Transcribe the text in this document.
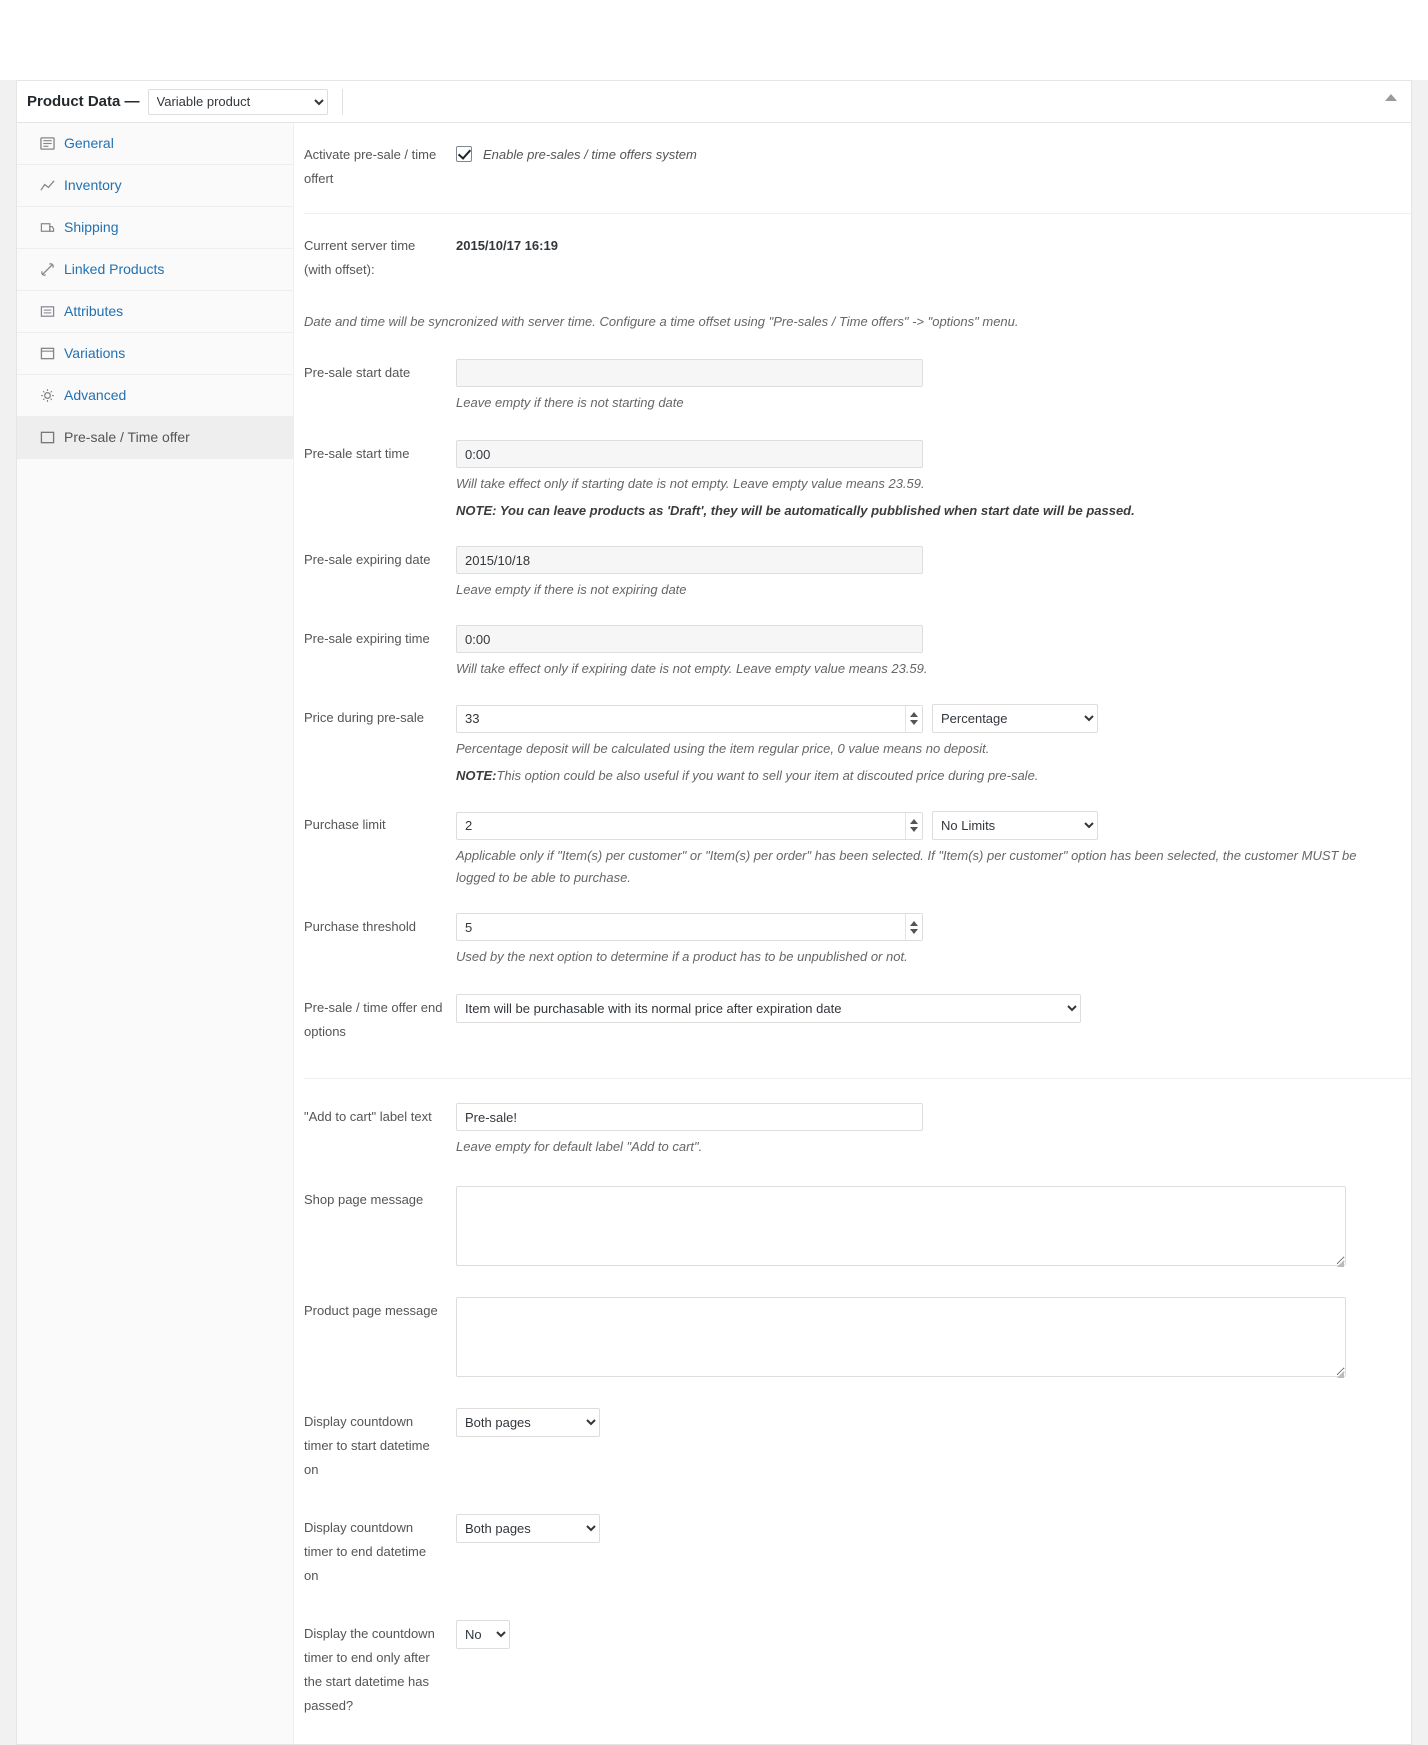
Product Data —
Variable product
General
Inventory
Shipping
Linked Products
Attributes
Variations
Advanced
Pre-sale / Time offer
Activate pre-sale / time offert
Enable pre-sales / time offers system
Current server time (with offset):
2015/10/17 16:19
Date and time will be syncronized with server time. Configure a time offset using "Pre-sales / Time offers" -> "options" menu.
Pre-sale start date
Leave empty if there is not starting date
Pre-sale start time
0:00
Will take effect only if starting date is not empty. Leave empty value means 23.59.
NOTE: You can leave products as 'Draft', they will be automatically pubblished when start date will be passed.
Pre-sale expiring date
2015/10/18
Leave empty if there is not expiring date
Pre-sale expiring time
0:00
Will take effect only if expiring date is not empty. Leave empty value means 23.59.
Price during pre-sale
33
Percentage
Percentage deposit will be calculated using the item regular price, 0 value means no deposit.
NOTE:This option could be also useful if you want to sell your item at discouted price during pre-sale.
Purchase limit
2
No Limits
Applicable only if "Item(s) per customer" or "Item(s) per order" has been selected. If "Item(s) per customer" option has been selected, the customer MUST be logged to be able to purchase.
Purchase threshold
5
Used by the next option to determine if a product has to be unpublished or not.
Pre-sale / time offer end options
Item will be purchasable with its normal price after expiration date
"Add to cart" label text
Pre-sale!
Leave empty for default label "Add to cart".
Shop page message
Product page message
Display countdown timer to start datetime on
Both pages
Display countdown timer to end datetime on
Both pages
Display the countdown timer to end only after the start datetime has passed?
No
